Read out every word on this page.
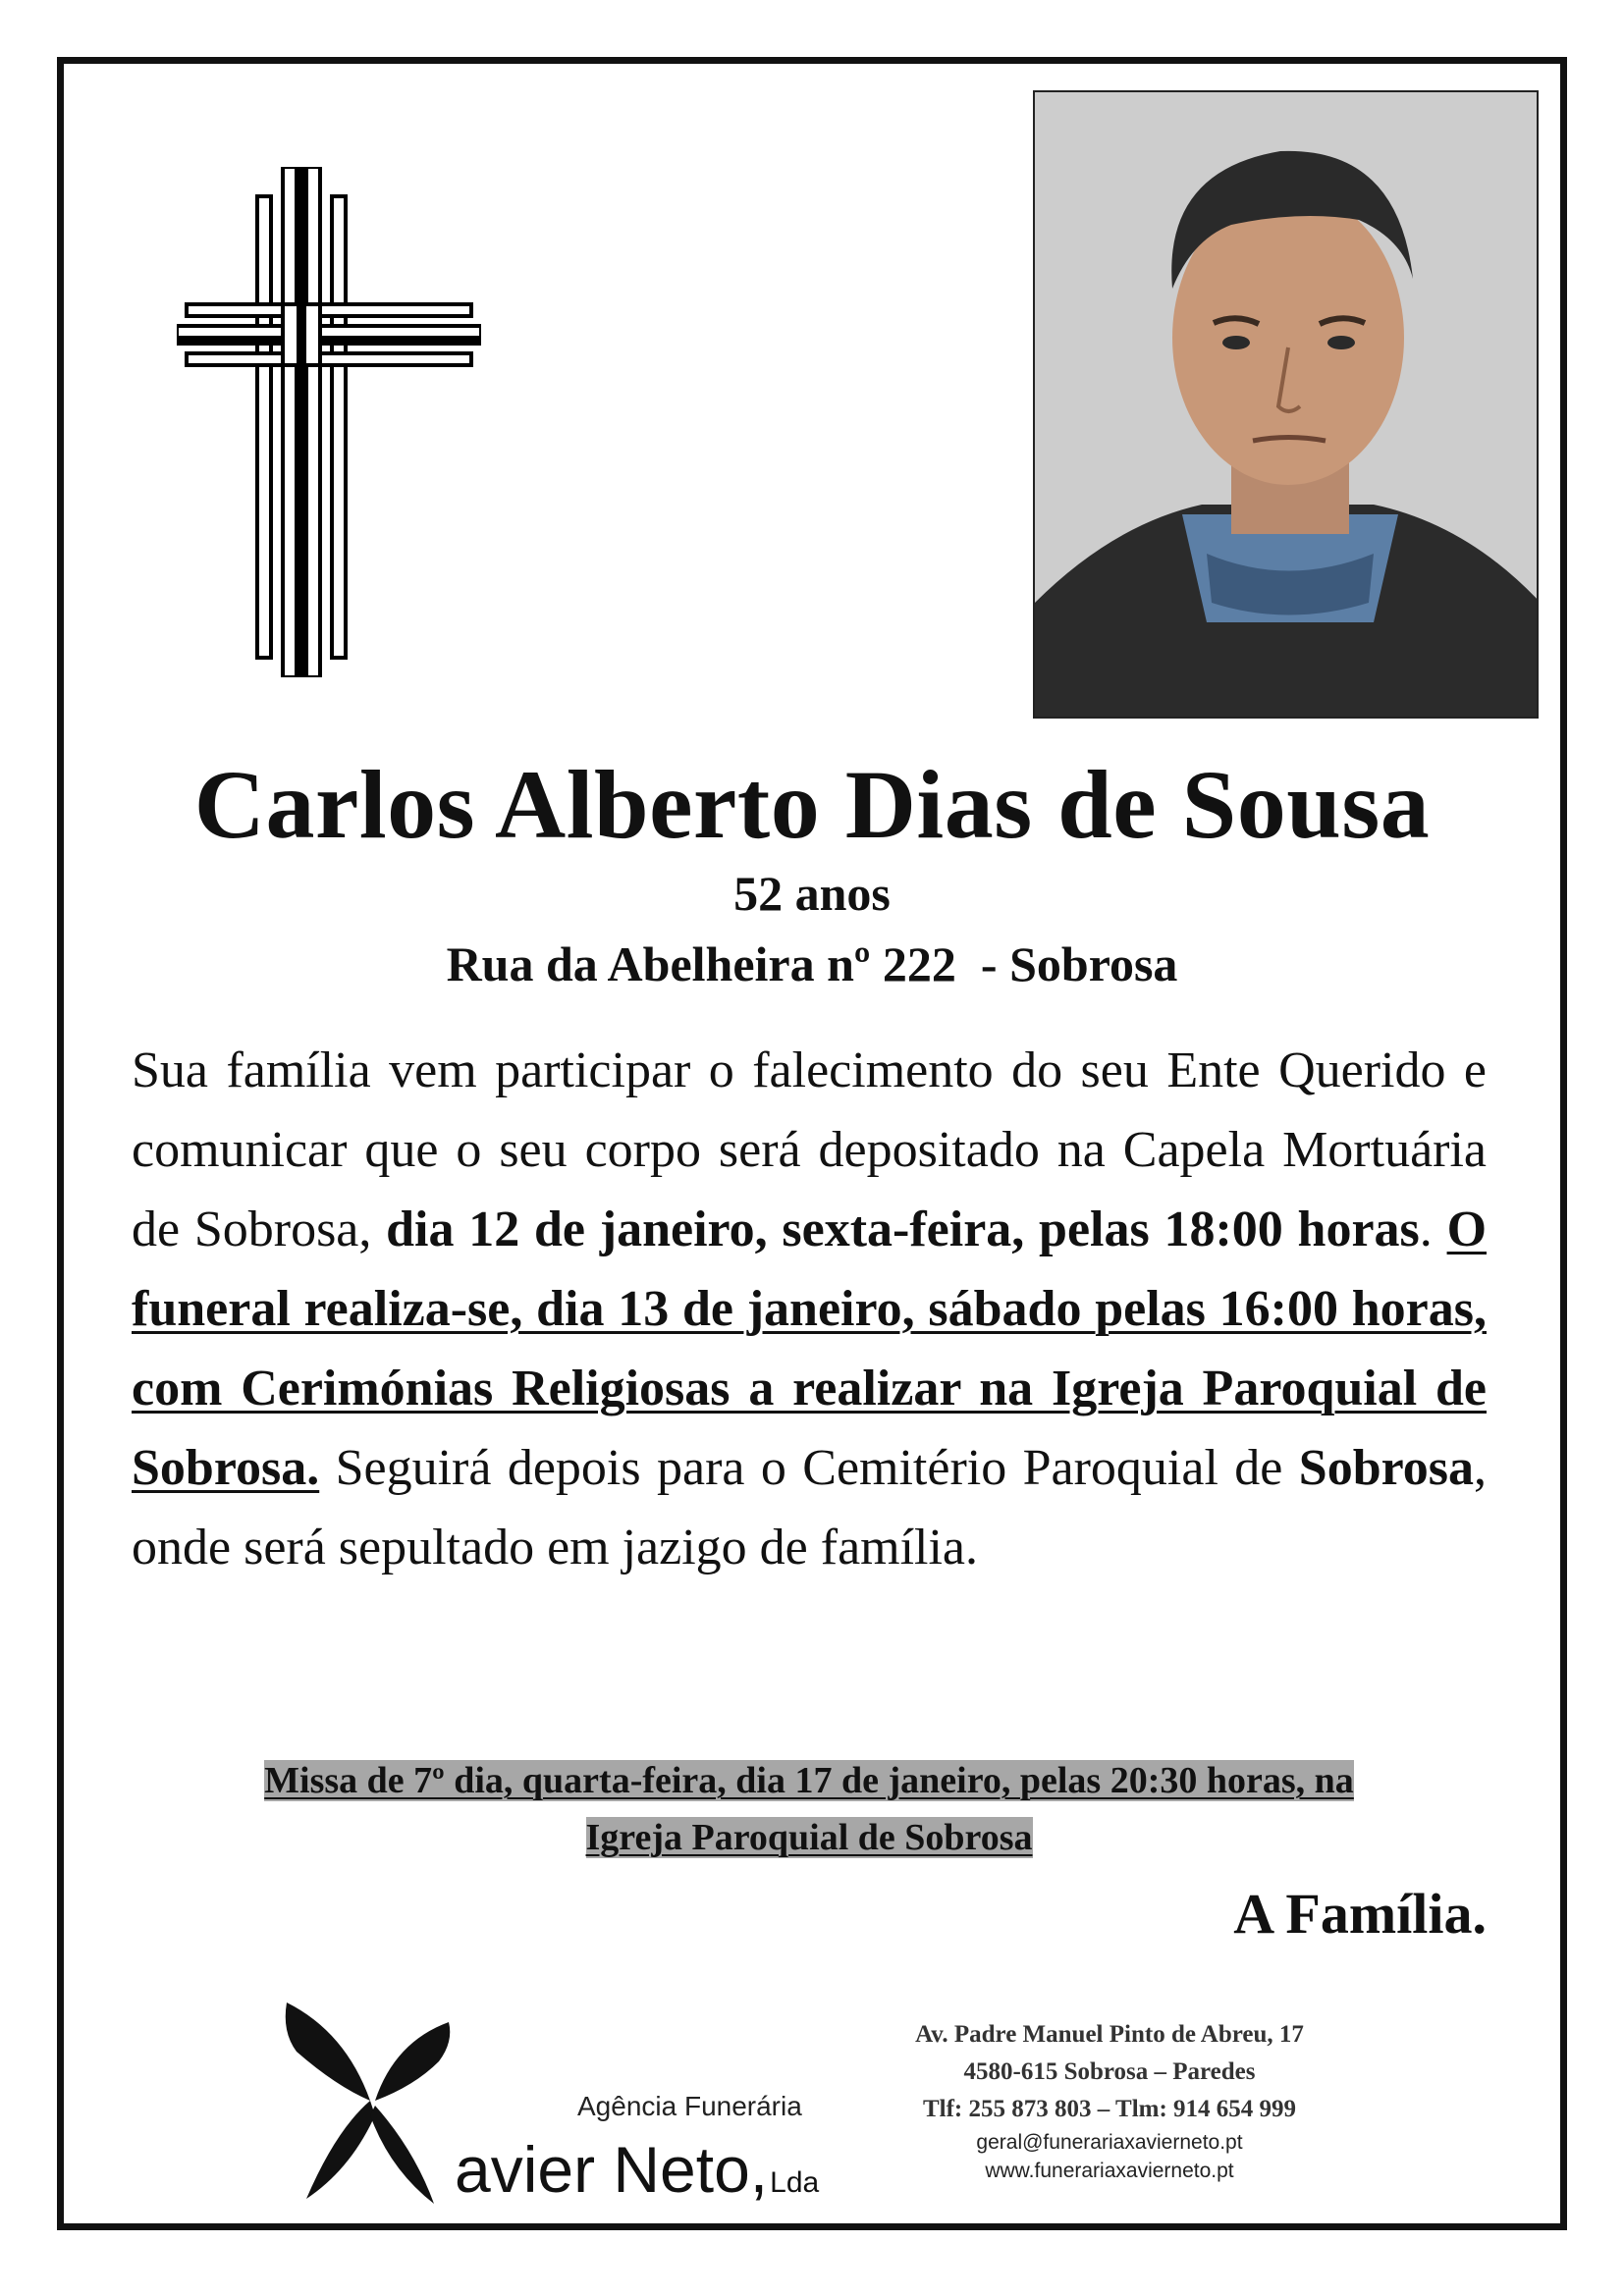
Carlos Alberto Dias de Sousa
52 anos
Rua da Abelheira nº 222  - Sobrosa
Sua família vem participar o falecimento do seu Ente Querido e comunicar que o seu corpo será depositado na Capela Mortuária de Sobrosa, dia 12 de janeiro, sexta-feira, pelas 18:00 horas. O funeral realiza-se, dia 13 de janeiro, sábado pelas 16:00 horas, com Cerimónias Religiosas a realizar na Igreja Paroquial de Sobrosa. Seguirá depois para o Cemitério Paroquial de Sobrosa, onde será sepultado em jazigo de família.
Missa de 7º dia, quarta-feira, dia 17 de janeiro, pelas 20:30 horas, na
Igreja Paroquial de Sobrosa
A Família.
Agência Funerária
avier Neto,Lda
Av. Padre Manuel Pinto de Abreu, 17
4580-615 Sobrosa – Paredes
Tlf: 255 873 803 – Tlm: 914 654 999
geral@funerariaxavierneto.pt
www.funerariaxavierneto.pt
